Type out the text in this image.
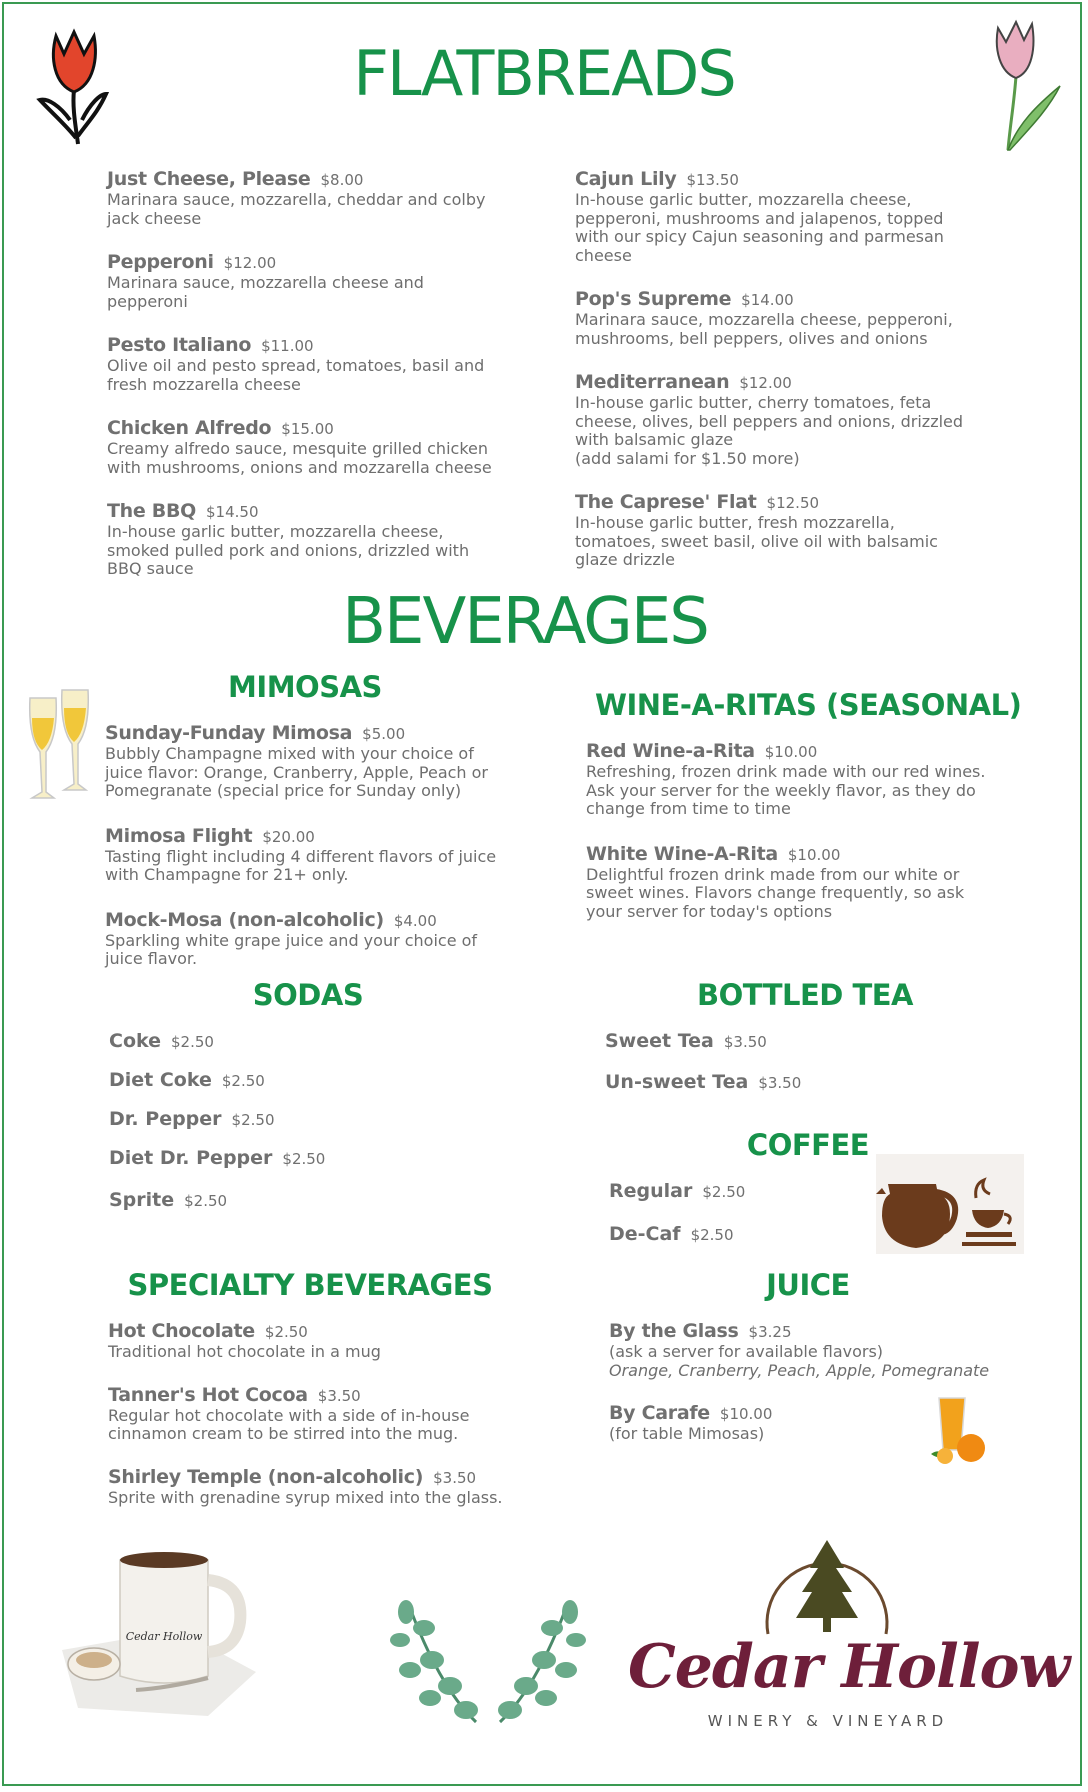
FLATBREADS
Just Cheese, Please $8.00

Marinara sauce, mozzarella, cheddar and colby jack cheese

Pepperoni $12.00

Marinara sauce, mozzarella cheese and pepperoni

Pesto Italiano $11.00

Olive oil and pesto spread, tomatoes, basil and fresh mozzarella cheese

Chicken Alfredo $15.00

Creamy alfredo sauce, mesquite grilled chicken with mushrooms, onions and mozzarella cheese

The BBQ $14.50

In-house garlic butter, mozzarella cheese, smoked pulled pork and onions, drizzled with BBQ sauce

Cajun Lily $13.50

In-house garlic butter, mozzarella cheese, pepperoni, mushrooms and jalapenos, topped with our spicy Cajun seasoning and parmesan cheese

Pop's Supreme $14.00

Marinara sauce, mozzarella cheese, pepperoni, mushrooms, bell peppers, olives and onions

Mediterranean $12.00

In-house garlic butter, cherry tomatoes, feta cheese, olives, bell peppers and onions, drizzled with balsamic glaze

(add salami for $1.50 more)

The Caprese' Flat $12.50

In-house garlic butter, fresh mozzarella, tomatoes, sweet basil, olive oil with balsamic glaze drizzle

BEVERAGES
MIMOSAS
Sunday-Funday Mimosa $5.00

Bubbly Champagne mixed with your choice of juice flavor: Orange, Cranberry, Apple, Peach or Pomegranate (special price for Sunday only)

Mimosa Flight $20.00

Tasting flight including 4 different flavors of juice with Champagne for 21+ only.

Mock-Mosa (non-alcoholic) $4.00

Sparkling white grape juice and your choice of juice flavor.

WINE-A-RITAS (SEASONAL)
Red Wine-a-Rita $10.00

Refreshing, frozen drink made with our red wines. Ask your server for the weekly flavor, as they do change from time to time

White Wine-A-Rita $10.00

Delightful frozen drink made from our white or sweet wines. Flavors change frequently, so ask your server for today's options

SODAS
Coke $2.50
Diet Coke $2.50
Dr. Pepper $2.50
Diet Dr. Pepper $2.50
Sprite $2.50
BOTTLED TEA
Sweet Tea $3.50
Un-sweet Tea $3.50
COFFEE
Regular $2.50
De-Caf $2.50
SPECIALTY BEVERAGES
Hot Chocolate $2.50

Traditional hot chocolate in a mug

Tanner's Hot Cocoa $3.50

Regular hot chocolate with a side of in-house cinnamon cream to be stirred into the mug.

Shirley Temple (non-alcoholic) $3.50

Sprite with grenadine syrup mixed into the glass.

JUICE
By the Glass $3.25

(ask a server for available flavors)

Orange, Cranberry, Peach, Apple, Pomegranate

By Carafe $10.00

(for table Mimosas)

Cedar Hollow	Cedar Hollow
WINERY & VINEYARD
